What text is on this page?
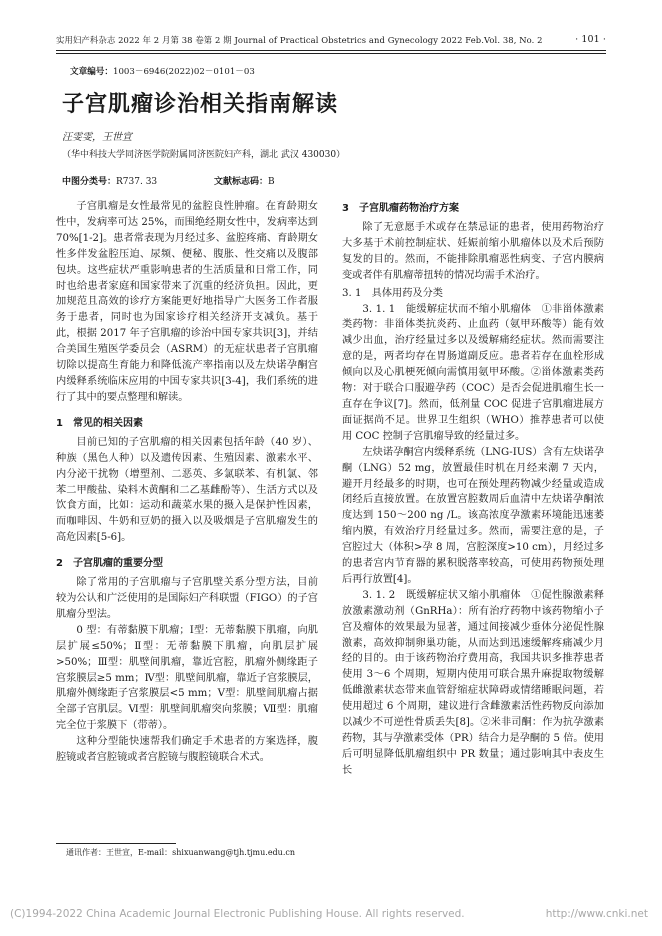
实用妇产科杂志 2022 年 2 月第 38 卷第 2 期 Journal of Practical Obstetrics and Gynecology 2022 Feb.Vol. 38, No. 2	· 101 ·
文章编号：1003－6946(2022)02－0101－03
子宫肌瘤诊治相关指南解读
汪雯雯，王世宣
（华中科技大学同济医学院附属同济医院妇产科，湖北 武汉 430030）
中图分类号：R737. 33	文献标志码：B

子宫肌瘤是女性最常见的盆腔良性肿瘤。在育龄期女性中，发病率可达 25%，而围绝经期女性中，发病率达到 70%[1-2]。患者常表现为月经过多、盆腔疼痛、育龄期女性多伴发盆腔压迫、尿频、便秘、腹胀、性交痛以及腹部包块。这些症状严重影响患者的生活质量和日常工作，同时也给患者家庭和国家带来了沉重的经济负担。因此，更加规范且高效的诊疗方案能更好地指导广大医务工作者服务于患者，同时也为国家诊疗相关经济开支减负。基于此，根据 2017 年子宫肌瘤的诊治中国专家共识[3]，并结合美国生殖医学委员会（ASRM）的无症状患者子宫肌瘤切除以提高生育能力和降低流产率指南以及左炔诺孕酮宫内缓释系统临床应用的中国专家共识[3-4]，我们系统的进行了其中的要点整理和解读。

1　常见的相关因素

目前已知的子宫肌瘤的相关因素包括年龄（40 岁）、种族（黑色人种）以及遗传因素、生殖因素、激素水平、内分泌干扰物（增塑剂、二恶英、多氯联苯、有机氯、邻苯二甲酸盐、染料木黄酮和二乙基雌酚等）、生活方式以及饮食方面，比如：运动和蔬菜水果的摄入是保护性因素，而咖啡因、牛奶和豆奶的摄入以及吸烟是子宫肌瘤发生的高危因素[5-6]。

2　子宫肌瘤的重要分型

除了常用的子宫肌瘤与子宫肌壁关系分型方法，目前较为公认和广泛使用的是国际妇产科联盟（FIGO）的子宫肌瘤分型法。

0 型：有蒂黏膜下肌瘤；Ⅰ型：无蒂黏膜下肌瘤，向肌层扩展≤50%；Ⅱ型：无蒂黏膜下肌瘤，向肌层扩展>50%；Ⅲ型：肌壁间肌瘤，靠近宫腔，肌瘤外侧缘距子宫浆膜层≥5 mm；Ⅳ型：肌壁间肌瘤，靠近子宫浆膜层，肌瘤外侧缘距子宫浆膜层<5 mm；Ⅴ型：肌壁间肌瘤占据全部子宫肌层。Ⅵ型：肌壁间肌瘤突向浆膜；Ⅶ型：肌瘤完全位于浆膜下（带蒂）。

这种分型能快速帮我们确定手术患者的方案选择，腹腔镜或者宫腔镜或者宫腔镜与腹腔镜联合术式。

3　子宫肌瘤药物治疗方案

除了无意愿手术或存在禁忌证的患者，使用药物治疗大多基于术前控制症状、妊娠前缩小肌瘤体以及术后预防复发的目的。然而，不能排除肌瘤恶性病变、子宫内膜病变或者伴有肌瘤蒂扭转的情况均需手术治疗。

3. 1　具体用药及分类

3. 1. 1　能缓解症状而不缩小肌瘤体　①非甾体激素类药物：非甾体类抗炎药、止血药（氨甲环酸等）能有效减少出血，治疗经量过多以及缓解痛经症状。然而需要注意的是，两者均存在胃肠道副反应。患者若存在血栓形成倾向以及心肌梗死倾向需慎用氨甲环酸。②甾体激素类药物：对于联合口服避孕药（COC）是否会促进肌瘤生长一直存在争议[7]。然而，低剂量 COC 促进子宫肌瘤进展方面证据尚不足。世界卫生组织（WHO）推荐患者可以使用 COC 控制子宫肌瘤导致的经量过多。

左炔诺孕酮宫内缓释系统（LNG-IUS）含有左炔诺孕酮（LNG）52 mg，放置最佳时机在月经来潮 7 天内，避开月经最多的时期，也可在预处理药物减少经量或造成闭经后直接放置。在放置宫腔数周后血清中左炔诺孕酮浓度达到 150～200 ng /L。该高浓度孕激素环境能迅速萎缩内膜，有效治疗月经量过多。然而，需要注意的是，子宫腔过大（体积>孕 8 周，宫腔深度>10 cm），月经过多的患者宫内节育器的累积脱落率较高，可使用药物预处理后再行放置[4]。

3. 1. 2　既缓解症状又缩小肌瘤体　①促性腺激素释放激素激动剂（GnRHa）：所有治疗药物中该药物缩小子宫及瘤体的效果最为显著，通过间接减少垂体分泌促性腺激素，高效抑制卵巢功能，从而达到迅速缓解疼痛减少月经的目的。由于该药物治疗费用高，我国共识多推荐患者使用 3～6 个周期，短期内使用可联合黑升麻提取物缓解低雌激素状态带来血管舒缩症状障碍或情绪睡眠问题，若使用超过 6 个周期，建议进行含雌激素活性药物反向添加以减少不可逆性骨质丢失[8]。②米非司酮：作为抗孕激素药物，其与孕激素受体（PR）结合力是孕酮的 5 倍。使用后可明显降低肌瘤组织中 PR 数量；通过影响其中表皮生长

通讯作者：王世宣，E-mail：shixuanwang@tjh.tjmu.edu.cn
(C)1994-2022 China Academic Journal Electronic Publishing House. All rights reserved.	http://www.cnki.net
